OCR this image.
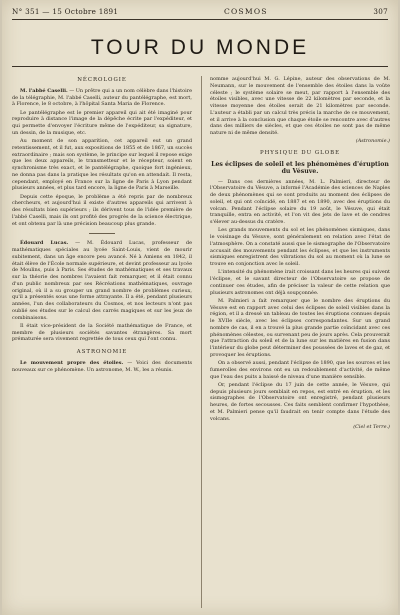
N° 351 — 15 Octobre 1891	COSMOS	307
TOUR DU MONDE
NÉCROLOGIE

M. l'abbé Caselli. — Un prêtre qui a un nom célèbre dans l'histoire de la télégraphie, M. l'abbé Caselli, auteur du pantélégraphe, est mort, à Florence, le 8 octobre, à l'hôpital Santa Maria de Florence.

Le pantélégraphe est le premier appareil qui ait été imaginé pour reproduire à distance l'image de la dépêche écrite par l'expéditeur, et qui permette d'envoyer l'écriture même de l'expéditeur, sa signature, un dessin, de la musique, etc.

Au moment de son apparition, cet appareil eut un grand retentissement, et il fut, aux expositions de 1855 et de 1867, un succès extraordinaire ; mais son système, le principe sur lequel il repose exige que les deux appareils, le transmetteur et le récepteur, soient en synchronisme très exact, et le pantélégraphe, quoique fort ingénieux, ne donna pas dans la pratique les résultats qu'on en attendait. Il resta, cependant, employé en France sur la ligne de Paris à Lyon pendant plusieurs années, et plus tard encore, la ligne de Paris à Marseille.

Depuis cette époque, le problème a été repris par de nombreux chercheurs, et aujourd'hui il existe d'autres appareils qui arrivent à des résultats bien supérieurs ; ils dérivent tous de l'idée première de l'abbé Caselli, mais ils ont profité des progrès de la science électrique, et ont obtenu par là une précision beaucoup plus grande.

Édouard Lucas. — M. Édouard Lucas, professeur de mathématiques spéciales au lycée Saint-Louis, vient de mourir subitement, dans un âge encore peu avancé. Né à Amiens en 1842, il était élève de l'École normale supérieure, et devint professeur au lycée de Moulins, puis à Paris. Ses études de mathématiques et ses travaux sur la théorie des nombres l'avaient fait remarquer, et il était connu d'un public nombreux par ses Récréations mathématiques, ouvrage original, où il a su grouper un grand nombre de problèmes curieux, qu'il a présentés sous une forme attrayante. Il a été, pendant plusieurs années, l'un des collaborateurs du Cosmos, et nos lecteurs n'ont pas oublié ses études sur le calcul des carrés magiques et sur les jeux de combinaisons.

Il était vice-président de la Société mathématique de France, et membre de plusieurs sociétés savantes étrangères. Sa mort prématurée sera vivement regrettée de tous ceux qui l'ont connu.

ASTRONOMIE

Le mouvement propre des étoiles. — Voici des documents nouveaux sur ce phénomène. Un astronome, M. W., les a réunis.

nomme aujourd'hui M. G. Lépine, auteur des observations de M. Neumann, sur le mouvement de l'ensemble des étoiles dans la voûte céleste ; le système solaire se meut, par rapport à l'ensemble des étoiles visibles, avec une vitesse de 22 kilomètres par seconde, et la vitesse moyenne des étoiles serait de 21 kilomètres par seconde. L'auteur a établi par un calcul très précis la marche de ce mouvement, et il arrive à la conclusion que chaque étoile se rencontre avec d'autres dans des milliers de siècles, et que ces étoiles ne sont pas de même nature ni de même densité.

(Astronomie.)
PHYSIQUE DU GLOBE
Les éclipses de soleil et les phénomènes d'éruption du Vésuve.

— Dans ces dernières années, M. L. Palmieri, directeur de l'Observatoire du Vésuve, a informé l'Académie des sciences de Naples de deux phénomènes qui se sont produits au moment des éclipses de soleil, et qui ont coïncidé, en 1887 et en 1890, avec des éruptions du volcan. Pendant l'éclipse solaire du 19 août, le Vésuve, qui était tranquille, entra en activité, et l'on vit des jets de lave et de cendres s'élever au-dessus du cratère.

Les grands mouvements du sol et les phénomènes sismiques, dans le voisinage du Vésuve, sont généralement en relation avec l'état de l'atmosphère. On a constaté aussi que le sismographe de l'Observatoire accusait des mouvements pendant les éclipses, et que les instruments sismiques enregistrent des vibrations du sol au moment où la lune se trouve en conjonction avec le soleil.

L'intensité du phénomène irait croissant dans les heures qui suivent l'éclipse, et le savant directeur de l'Observatoire se propose de continuer ces études, afin de préciser la valeur de cette relation que plusieurs astronomes ont déjà soupçonnée.

M. Palmieri a fait remarquer que le nombre des éruptions du Vésuve est en rapport avec celui des éclipses de soleil visibles dans la région, et il a dressé un tableau de toutes les éruptions connues depuis le XVIIe siècle, avec les éclipses correspondantes. Sur un grand nombre de cas, il en a trouvé la plus grande partie coïncidant avec ces phénomènes célestes, ou survenant peu de jours après. Cela prouverait que l'attraction du soleil et de la lune sur les matières en fusion dans l'intérieur du globe peut déterminer des poussées de laves et de gaz, et provoquer les éruptions.

On a observé aussi, pendant l'éclipse de 1890, que les sources et les fumerolles des environs ont eu un redoublement d'activité, de même que l'eau des puits a baissé de niveau d'une manière sensible.

Or, pendant l'éclipse du 17 juin de cette année, le Vésuve, qui depuis plusieurs jours semblait en repos, est entré en éruption, et les sismographes de l'Observatoire ont enregistré, pendant plusieurs heures, de fortes secousses. Ces faits semblent confirmer l'hypothèse, et M. Palmieri pense qu'il faudrait en tenir compte dans l'étude des volcans.

(Ciel et Terre.)
